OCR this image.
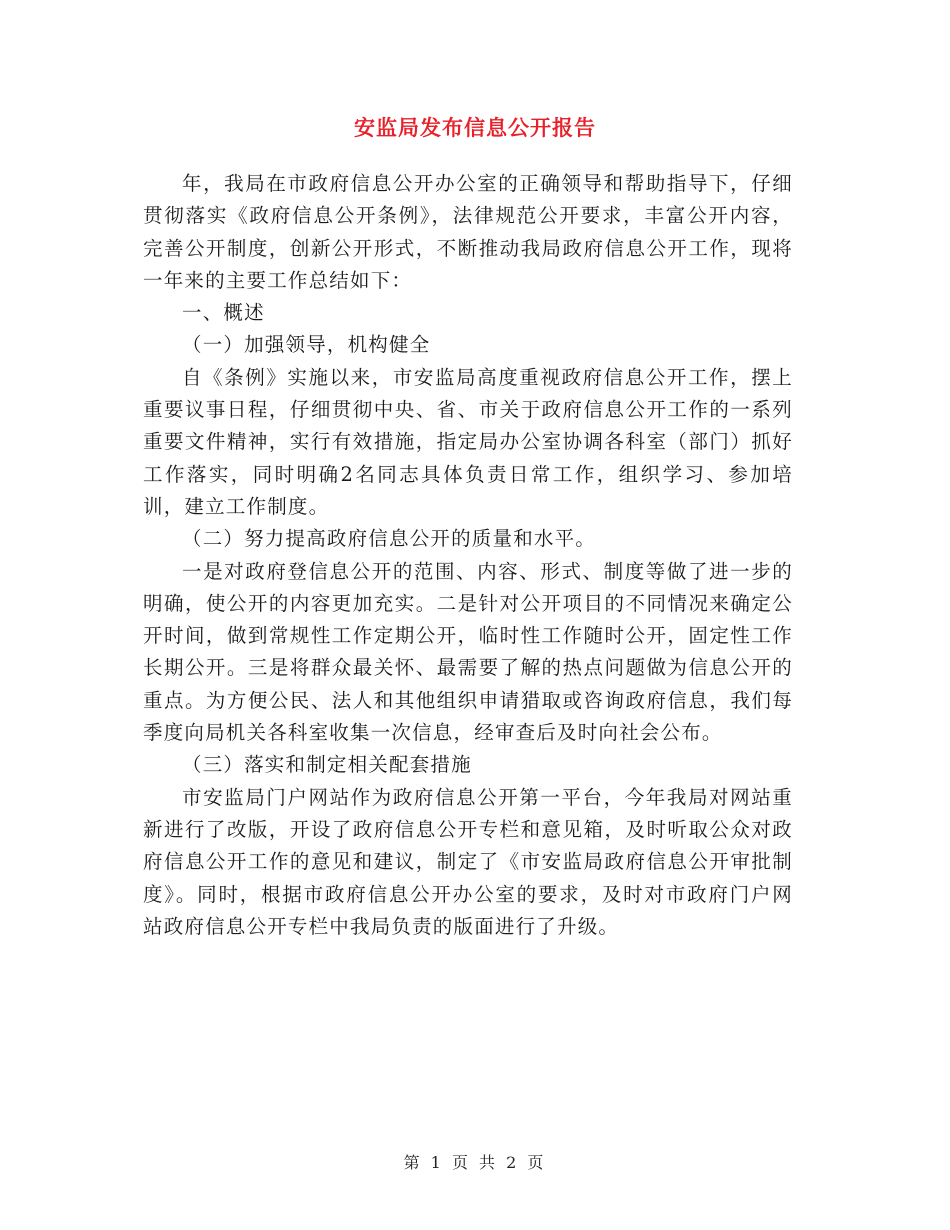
安监局发布信息公开报告

年，我局在市政府信息公开办公室的正确领导和帮助指导下，仔细贯彻落实《政府信息公开条例》，法律规范公开要求，丰富公开内容，完善公开制度，创新公开形式，不断推动我局政府信息公开工作，现将一年来的主要工作总结如下：

一、概述

（一）加强领导，机构健全

自《条例》实施以来，市安监局高度重视政府信息公开工作，摆上重要议事日程，仔细贯彻中央、省、市关于政府信息公开工作的一系列重要文件精神，实行有效措施，指定局办公室协调各科室（部门）抓好工作落实，同时明确2名同志具体负责日常工作，组织学习、参加培训，建立工作制度。

（二）努力提高政府信息公开的质量和水平。

一是对政府登信息公开的范围、内容、形式、制度等做了进一步的明确，使公开的内容更加充实。二是针对公开项目的不同情况来确定公开时间，做到常规性工作定期公开，临时性工作随时公开，固定性工作长期公开。三是将群众最关怀、最需要了解的热点问题做为信息公开的重点。为方便公民、法人和其他组织申请猎取或咨询政府信息，我们每季度向局机关各科室收集一次信息，经审查后及时向社会公布。

（三）落实和制定相关配套措施

市安监局门户网站作为政府信息公开第一平台，今年我局对网站重新进行了改版，开设了政府信息公开专栏和意见箱，及时听取公众对政府信息公开工作的意见和建议，制定了《市安监局政府信息公开审批制度》。同时，根据市政府信息公开办公室的要求，及时对市政府门户网站政府信息公开专栏中我局负责的版面进行了升级。

第 1 页 共 2 页
